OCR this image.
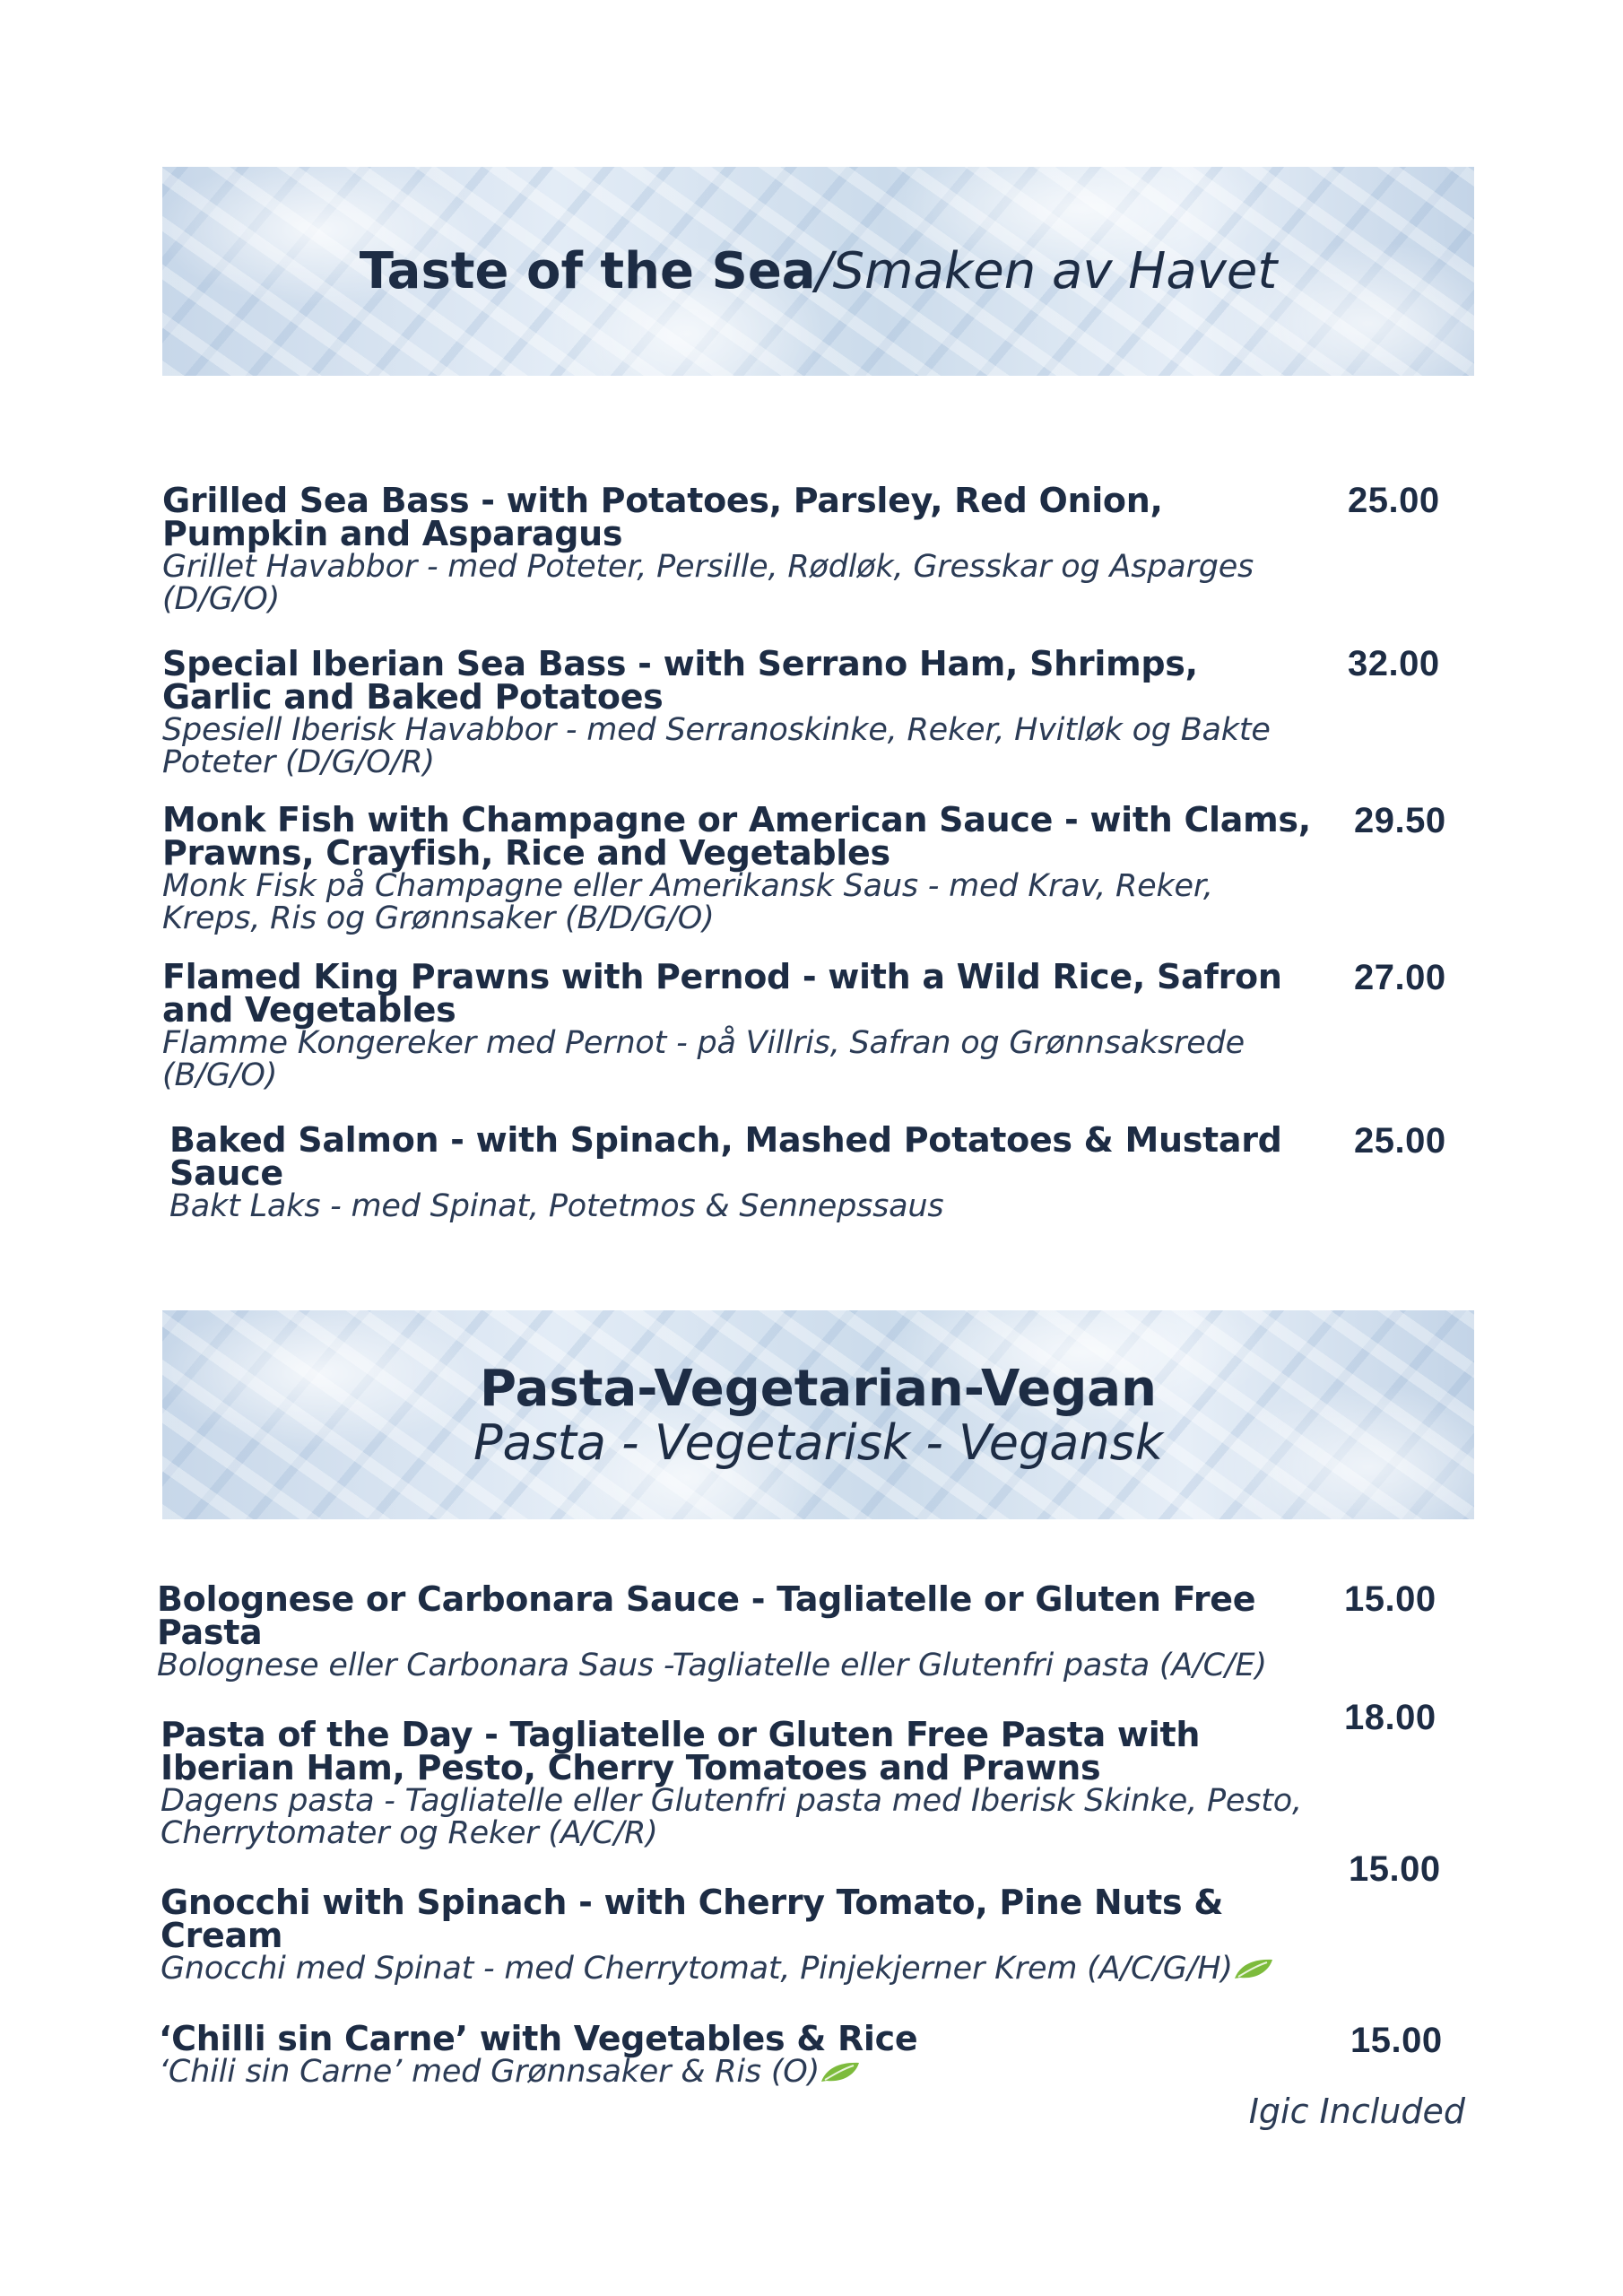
Taste of the Sea/Smaken av Havet
Grilled Sea Bass - with Potatoes, Parsley, Red Onion, Pumpkin and Asparagus
Grillet Havabbor - med Poteter, Persille, Rødløk, Gresskar og Asparges (D/G/O)
25.00
Special Iberian Sea Bass - with Serrano Ham, Shrimps, Garlic and Baked Potatoes
Spesiell Iberisk Havabbor - med Serranoskinke, Reker, Hvitløk og Bakte Poteter (D/G/O/R)
32.00
Monk Fish with Champagne or American Sauce - with Clams, Prawns, Crayfish, Rice and Vegetables
Monk Fisk på Champagne eller Amerikansk Saus - med Krav, Reker, Kreps, Ris og Grønnsaker (B/D/G/O)
29.50
Flamed King Prawns with Pernod - with a Wild Rice, Safron and Vegetables
Flamme Kongereker med Pernot - på Villris, Safran og Grønnsaksrede (B/G/O)
27.00
Baked Salmon - with Spinach, Mashed Potatoes & Mustard Sauce
Bakt Laks - med Spinat, Potetmos & Sennepssaus
25.00
Pasta-Vegetarian-Vegan
Pasta - Vegetarisk - Vegansk
Bolognese or Carbonara Sauce - Tagliatelle or Gluten Free Pasta
Bolognese eller Carbonara Saus -Tagliatelle eller Glutenfri pasta (A/C/E)
15.00
Pasta of the Day - Tagliatelle or Gluten Free Pasta with Iberian Ham, Pesto, Cherry Tomatoes and Prawns
Dagens pasta - Tagliatelle eller Glutenfri pasta med Iberisk Skinke, Pesto, Cherrytomater og Reker (A/C/R)
18.00
Gnocchi with Spinach - with Cherry Tomato, Pine Nuts & Cream
Gnocchi med Spinat - med Cherrytomat, Pinjekjerner Krem (A/C/G/H)
15.00
‘Chilli sin Carne’ with Vegetables & Rice
‘Chili sin Carne’ med Grønnsaker & Ris (O)
15.00
Igic Included
